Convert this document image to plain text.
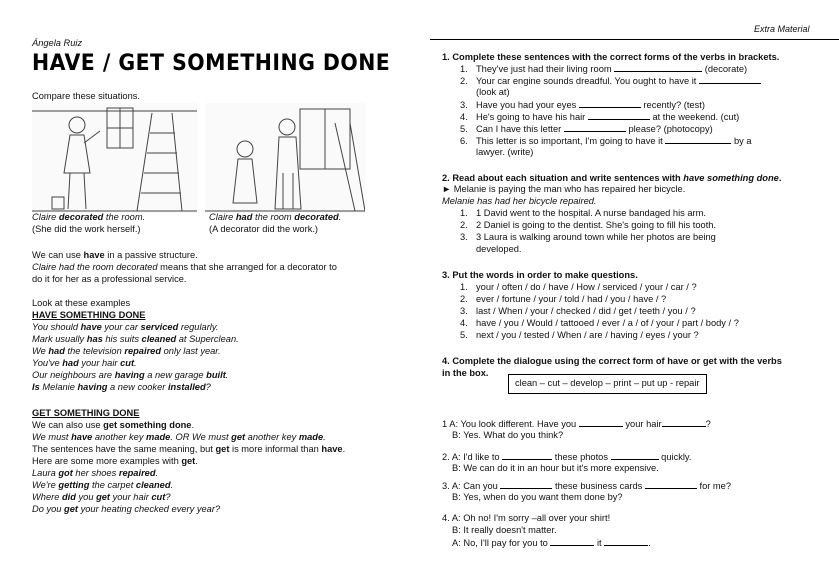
Extra Material
Ángela Ruiz
HAVE / GET SOMETHING DONE
Compare these situations.
Claire decorated the room.
(She did the work herself.)
Claire had the room decorated.
(A decorator did the work.)
We can use have in a passive structure.
Claire had the room decorated means that she arranged for a decorator to
do it for her as a professional service.
Look at these examples
HAVE SOMETHING DONE
You should have your car serviced regularly.
Mark usually has his suits cleaned at Superclean.
We had the television repaired only last year.
You've had your hair cut.
Our neighbours are having a new garage built.
Is Melanie having a new cooker installed?
GET SOMETHING DONE
We can also use get something done.
We must have another key made. OR We must get another key made.
The sentences have the same meaning, but get is more informal than have.
Here are some more examples with get.
Laura got her shoes repaired.
We're getting the carpet cleaned.
Where did you get your hair cut?
Do you get your heating checked every year?
1. Complete these sentences with the correct forms of the verbs in brackets.
1. They've just had their living room	(decorate)
2. Your car engine sounds dreadful. You ought to have it
(look at)
3. Have you had your eyes	recently? (test)
4. He's going to have his hair	at the weekend. (cut)
5. Can I have this letter	please? (photocopy)
6. This letter is so important, I'm going to have it	by a
lawyer. (write)
2. Read about each situation and write sentences with have something done.
► Melanie is paying the man who has repaired her bicycle.
Melanie has had her bicycle repaired.
1. 1 David went to the hospital. A nurse bandaged his arm.
2. 2 Daniel is going to the dentist. She's going to fill his tooth.
3. 3 Laura is walking around town while her photos are being
developed.
3. Put the words in order to make questions.
1. your / often / do / have / How / serviced / your / car / ?
2. ever / fortune / your / told / had / you / have / ?
3. last / When / your / checked / did / get / teeth / you / ?
4. have / you / Would / tattooed / ever / a / of / your / part / body / ?
5. next / you / tested / When / are / having / eyes / your ?
4. Complete the dialogue using the correct form of have or get with the verbs
in the box.
clean – cut – develop – print – put up - repair
1 A: You look different. Have you	your hair	?
B: Yes. What do you think?
2. A: I'd like to	these photos	quickly.
B: We can do it in an hour but it's more expensive.
3. A: Can you	these business cards	for me?
B: Yes, when do you want them done by?
4. A: Oh no! I'm sorry –all over your shirt!
B: It really doesn't matter.
A: No, I'll pay for you to	it	.
